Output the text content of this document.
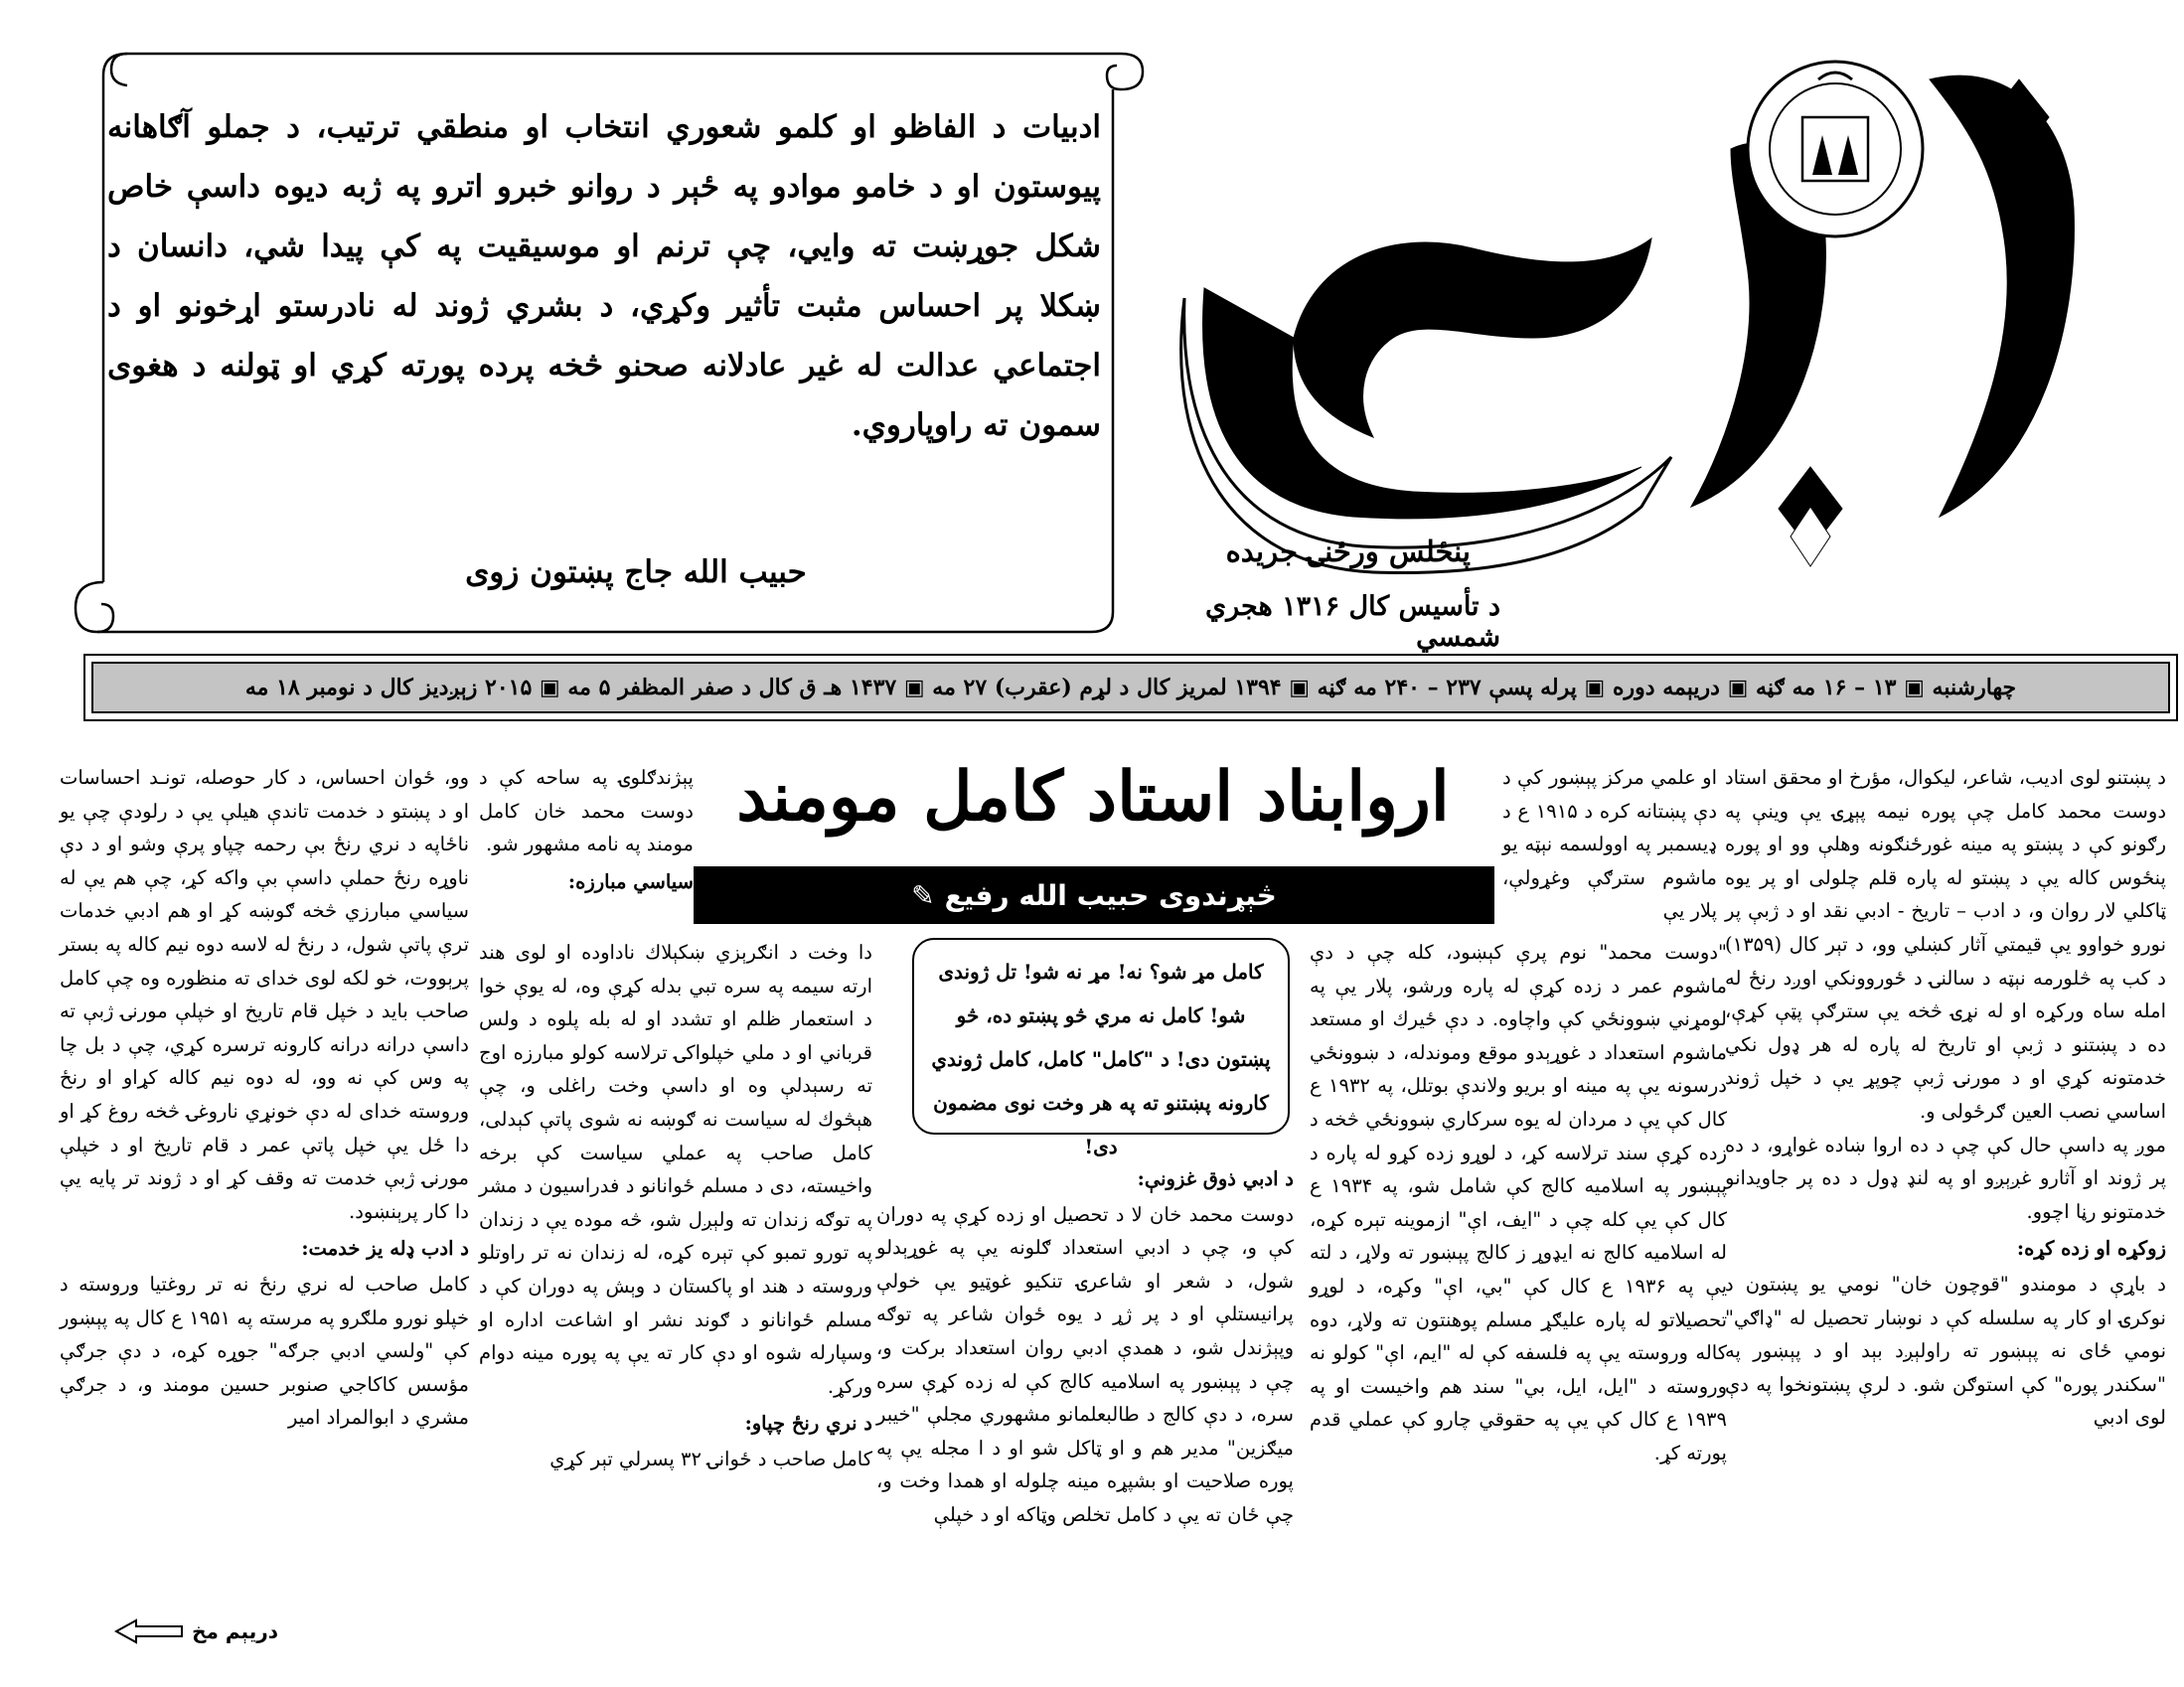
ادبيات د الفاظو او كلمو شعوري انتخاب او منطقي ترتيب، د جملو آګاهانه پيوستون او د خامو موادو په ځېر د روانو خبرو اترو په ژبه ديوه داسې خاص شكل جوړښت ته وايي، چې ترنم او موسيقيت په كې پيدا شي، دانسان د ښكلا پر احساس مثبت تأثير وكړي، د بشري ژوند له نادرستو اړخونو او د اجتماعي عدالت له غير عادلانه صحنو څخه پرده پورته كړي او ټولنه د هغوى سمون ته راوپاروي.
حبيب الله جاج پښتون زوى
پنځلس ورځنۍ جريده
د تأسيس كال ۱۳۱۶ هجري شمسي
چهارشنبه ▣ ۱۳ – ۱۶ مه ګڼه ▣ دريېمه دوره ▣ پرله پسې ۲۳۷ – ۲۴۰ مه ګڼه ▣ ۱۳۹۴ لمريز كال د لړم (عقرب) ۲۷ مه ▣ ۱۴۳۷ هـ ق كال د صفر المظفر ۵ مه ▣ ۲۰۱۵ زېږديز كال د نومبر ۱۸ مه
اروابناد استاد كامل مومند
څېړندوى حبيب الله رفيع
✎

د پښتنو لوى اديب، شاعر، ليكوال، مؤرخ او محقق استاد دوست محمد كامل چې پوره نيمه پېړۍ يې وينې په رګونو كې د پښتو په مينه غورځنګونه وهلې وو او پوره پنځوس كاله يې د پښتو له پاره قلم چلولى او پر يوه ټاكلي لار روان و، د ادب – تاريخ - ادبي نقد او د ژبې پر نورو خواوو يې قيمتي آثار كښلي وو، د تېر كال (۱۳۵۹) د كب په څلورمه نېټه د سالنۍ د ځوروونكي اوږد رنځ له امله ساه وركړه او له نړۍ څخه يې سترګې پټې كړې، ده د پښتنو د ژبې او تاريخ له پاره له هر ډول نكي خدمتونه كړي او د مورنۍ ژبې چوپړ يې د خپل ژوند اساسي نصب العين ګرځولى و.

موږ په داسې حال كې چې د ده اروا ښاده غواړو، د ده پر ژوند او آثارو غږېږو او په لنډ ډول د ده پر جاويدانو خدمتونو رڼا اچوو.

زوكړه او زده كړه:

د باړې د مومندو "قوچون خان" نومي يو پښتون د نوكرۍ او كار په سلسله كې د نوښار تحصيل له "ډاګي" نومي ځاى نه پېښور ته راولېږد بېد او د پېښور په "سكندر پوره" كې استوګن شو. د لرې پښتونخوا په دې لوى ادبي

او علمي مركز پېښور كې د دې پښتانه كره د ۱۹۱۵ ع د ډيسمبر په اوولسمه نېټه يو ماشوم سترګې وغړولې، پلار يې

"دوست محمد" نوم پرې كېښود، كله چې د دې ماشوم عمر د زده كړې له پاره ورشو، پلار يې په لومړني ښوونځي كې واچاوه. د دې ځيرك او مستعد ماشوم استعداد د غوړېدو موقع وموندله، د ښوونځي درسونه يې په مينه او بريو ولاندې بوتلل، په ۱۹۳۲ ع كال كې يې د مردان له يوه سركاري ښوونځي څخه د زده كړې سند ترلاسه كړ، د لوړو زده كړو له پاره د پېښور په اسلاميه كالج كې شامل شو، په ۱۹۳۴ ع كال كې يې كله چې د "ايف، اې" ازموينه تېره كړه، له اسلاميه كالج نه ايډوړ ز كالج پېښور ته ولاړ، د لته يې په ۱۹۳۶ ع كال كې "بي، اې" وكړه، د لوړو تحصيلاتو له پاره عليګړ مسلم پوهنتون ته ولاړ، دوه كاله وروسته يې په فلسفه كې له "ايم، اې" كولو نه وروسته د "ايل، ايل، بي" سند هم واخيست او په ۱۹۳۹ ع كال كې يې په حقوقي چارو كې عملي قدم پورته كړ.

كامل مړ شو؟ نه! مړ نه شو! تل ژوندى شو! كامل نه مري څو پښتو ده، څو پښتون دى! د "كامل" كامل، كامل ژوندي كارونه پښتنو ته په هر وخت نوى مضمون دى!
د ادبي ذوق غزونې:

دوست محمد خان لا د تحصيل او زده كړې په دوران كې و، چې د ادبي استعداد ګلونه يې په غوړېدلو شول، د شعر او شاعرۍ تنكيو غوټيو يې خولې پرانيستلې او د پر ژړ د يوه ځوان شاعر په توګه وپېژندل شو، د همدې ادبي روان استعداد بركت و، چې د پېښور په اسلاميه كالج كې له زده كړې سره سره، د دې كالج د طالبعلمانو مشهوري مجلې "خيبر ميګزين" مدير هم و او ټاكل شو او د ا مجله يې په پوره صلاحيت او بشپړه مينه چلوله او همدا وخت و، چې ځان ته يې د كامل تخلص وټاكه او د خپلې

پېژندګلوۍ په ساحه كې د دوست محمد خان كامل مومند په نامه مشهور شو.

سياسي مبارزه:

دا وخت د انګرېزي ښكېلاك ناداوده او لوى هند ارته سيمه په سره تبي بدله كړې وه، له يوې خوا د استعمار ظلم او تشدد او له بله پلوه د ولس قرباني او د ملي خپلواكۍ ترلاسه كولو مبارزه اوج ته رسېدلې وه او داسې وخت راغلى و، چې هېڅوك له سياست نه ګوښه نه شوى پاتې كېدلى، كامل صاحب په عملي سياست كې برخه واخيسته، دى د مسلم ځوانانو د فدراسيون د مشر په توګه زندان ته ولېږل شو، څه موده يې د زندان په تورو تمبو كې تېره كړه، له زندان نه تر راوتلو وروسته د هند او پاكستان د وېش په دوران كې د مسلم ځوانانو د ګوند نشر او اشاعت اداره او وسپارله شوه او دې كار ته يې په پوره مينه دوام وركړ.

د نري رنځ چپاو:

كامل صاحب د ځوانۍ ۳۲ پسرلي تېر كړي

وو، ځوان احساس، د كار حوصله، تونـد احساسات او د پښتو د خدمت تاندې هيلې يې د رلودې چې يو ناځاپه د نري رنځ بې رحمه چپاو پرې وشو او د دې ناوړه رنځ حملې داسې بې واكه كړ، چې هم يې له سياسي مبارزي څخه ګوښه كړ او هم ادبي خدمات ترې پاتې شول، د رنځ له لاسه دوه نيم كاله په بستر پرېووت، خو لكه لوى خداى ته منظوره وه چې كامل صاحب بايد د خپل قام تاريخ او خپلې مورنۍ ژبې ته داسې درانه درانه كارونه ترسره كړي، چې د بل چا په وس كې نه وو، له دوه نيم كاله كړاو او رنځ وروسته خداى له دې خونړي ناروغۍ څخه روغ كړ او دا ځل يې خپل پاتې عمر د قام تاريخ او د خپلې مورنۍ ژبې خدمت ته وقف كړ او د ژوند تر پايه يې دا كار پرېنښود.

د ادب ډله يز خدمت:

كامل صاحب له نري رنځ نه تر روغتيا وروسته د خپلو نورو ملګرو په مرسته په ۱۹۵۱ ع كال په پېښور كې "ولسي ادبي جرګه" جوړه كړه، د دې جرګې مؤسس كاكاجي صنوبر حسين مومند و، د جرګې مشري د ابوالمراد امير

دريېم مخ
